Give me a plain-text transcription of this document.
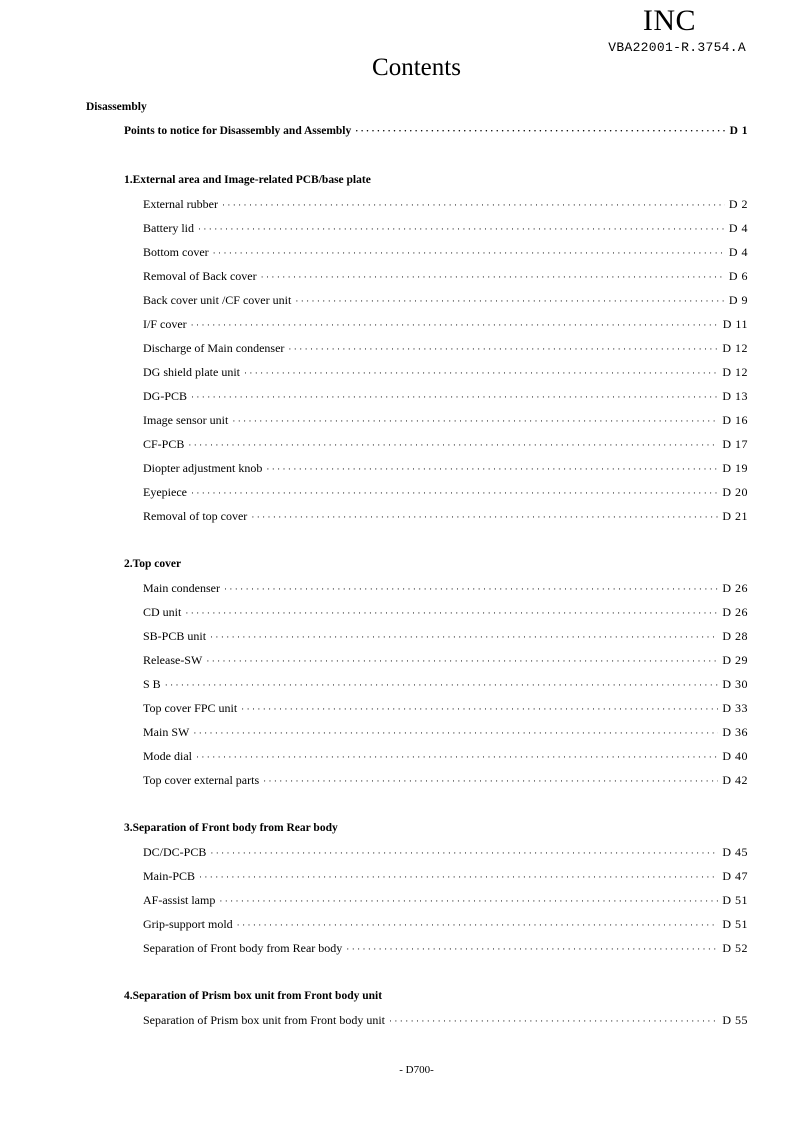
INC
VBA22001-R.3754.A
Contents
Disassembly
Points to notice for Disassembly and Assembly ·····	D 1
1.External area and Image-related PCB/base plate
External rubber ·····	D 2
Battery lid ·····	D 4
Bottom cover ·····	D 4
Removal of Back cover ·····	D 6
Back cover unit /CF cover unit ·····	D 9
I/F cover ·····	D 11
Discharge of Main condenser ·····	D 12
DG shield plate unit ·····	D 12
DG-PCB ·····	D 13
Image sensor unit ·····	D 16
CF-PCB ·····	D 17
Diopter adjustment knob ·····	D 19
Eyepiece ·····	D 20
Removal of top cover ·····	D 21
2.Top cover
Main condenser ·····	D 26
CD unit ·····	D 26
SB-PCB unit ·····	D 28
Release-SW ·····	D 29
S B ·····	D 30
Top cover FPC unit ·····	D 33
Main SW ·····	D 36
Mode dial ·····	D 40
Top cover external parts ·····	D 42
3.Separation of Front body from Rear body
DC/DC-PCB ·····	D 45
Main-PCB ·····	D 47
AF-assist lamp ·····	D 51
Grip-support mold ·····	D 51
Separation of Front body from Rear body ·····	D 52
4.Separation of Prism box unit from Front body unit
Separation of Prism box unit from Front body unit ·····	D 55
- D700-
